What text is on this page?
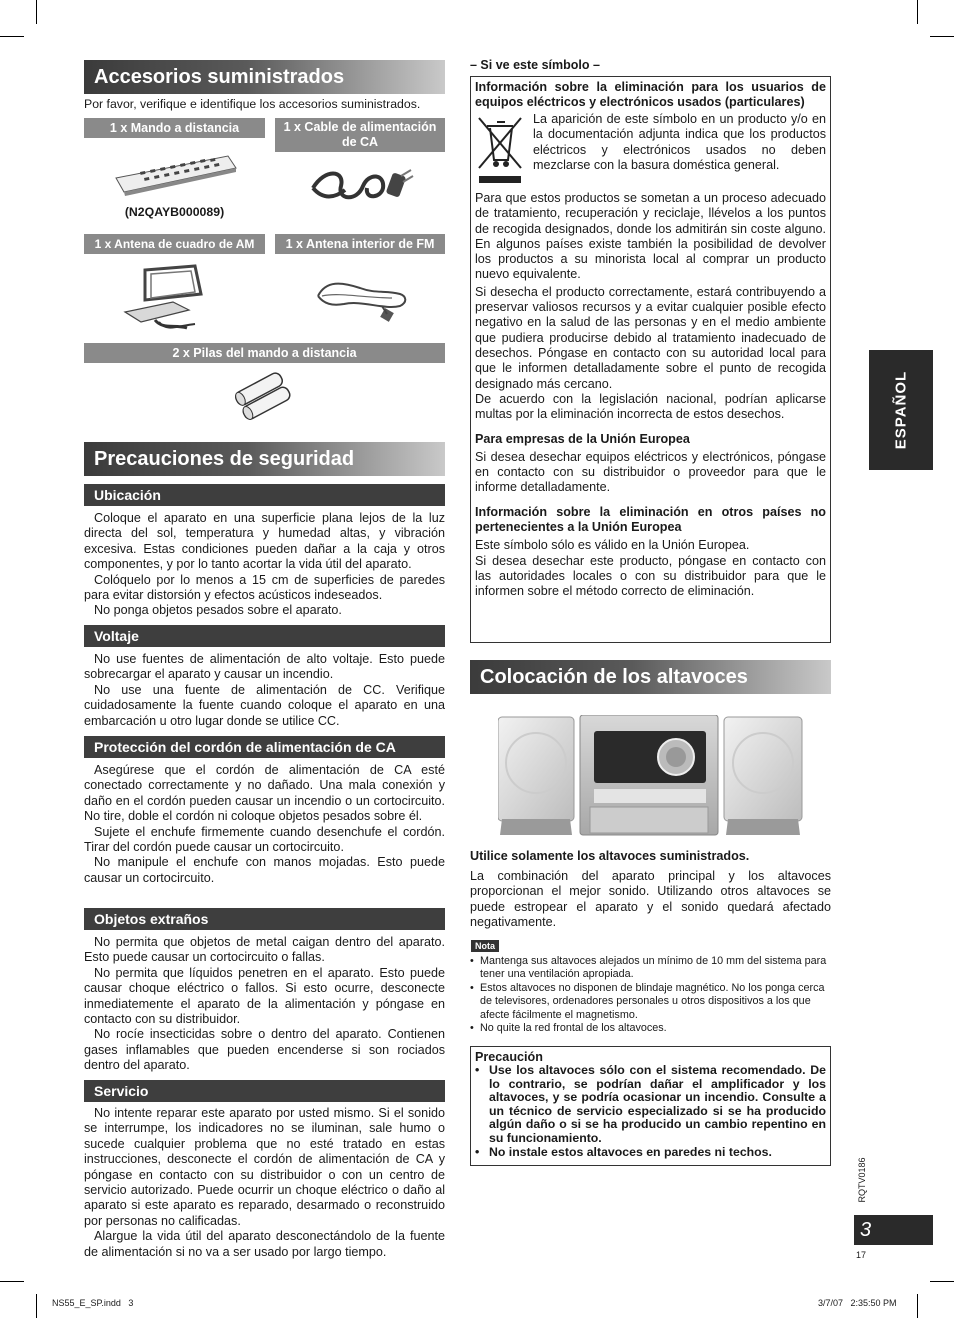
Accesorios suministrados
Por favor, verifique e identifique los accesorios suministrados.
1 x Mando a distancia	1 x Cable de alimentación de CA
(N2QAYB000089)
1 x Antena de cuadro de AM	1 x Antena interior de FM
2 x Pilas del mando a distancia
Precauciones de seguridad
Ubicación

Coloque el aparato en una superficie plana lejos de la luz directa del sol, temperatura y humedad altas, y vibración excesiva. Estas condiciones pueden dañar a la caja y otros componentes, y por lo tanto acortar la vida útil del aparato.

Colóquelo por lo menos a 15 cm de superficies de paredes para evitar distorsión y efectos acústicos indeseados.

No ponga objetos pesados sobre el aparato.

Voltaje

No use fuentes de alimentación de alto voltaje. Esto puede sobrecargar el aparato y causar un incendio.

No use una fuente de alimentación de CC. Verifique cuidadosamente la fuente cuando coloque el aparato en una embarcación u otro lugar donde se utilice CC.

Protección del cordón de alimentación de CA

Asegúrese que el cordón de alimentación de CA esté conectado correctamente y no dañado. Una mala conexión y daño en el cordón pueden causar un incendio o un cortocircuito. No tire, doble el cordón ni coloque objetos pesados sobre él.

Sujete el enchufe firmemente cuando desenchufe el cordón. Tirar del cordón puede causar un cortocircuito.

No manipule el enchufe con manos mojadas. Esto puede causar un cortocircuito.

Objetos extraños

No permita que objetos de metal caigan dentro del aparato. Esto puede causar un cortocircuito o fallas.

No permita que líquidos penetren en el aparato. Esto puede causar choque eléctrico o fallos. Si esto ocurre, desconecte inmediatemente el aparato de la alimentación y póngase en contacto con su distribuidor.

No rocíe insecticidas sobre o dentro del aparato. Contienen gases inflamables que pueden encenderse si son rociados dentro del aparato.

Servicio

No intente reparar este aparato por usted mismo. Si el sonido se interrumpe, los indicadores no se iluminan, sale humo o sucede cualquier problema que no esté tratado en estas instrucciones, desconecte el cordón de alimentación de CA y póngase en contacto con su distribuidor o con un centro de servicio autorizado. Puede ocurrir un choque eléctrico o daño al aparato si este aparato es reparado, desarmado o reconstruido por personas no calificadas.

Alargue la vida útil del aparato desconectándolo de la fuente de alimentación si no va a ser usado por largo tiempo.

– Si ve este símbolo –
Información sobre la eliminación para los usuarios de equipos eléctricos y electrónicos usados (particulares)
La aparición de este símbolo en un producto y/o en la documentación adjunta indica que los productos eléctricos y electrónicos usados no deben mezclarse con la basura doméstica general.

Para que estos productos se sometan a un proceso adecuado de tratamiento, recuperación y reciclaje, llévelos a los puntos de recogida designados, donde los admitirán sin coste alguno. En algunos países existe también la posibilidad de devolver los productos a su minorista local al comprar un producto nuevo equivalente.

Si desecha el producto correctamente, estará contribuyendo a preservar valiosos recursos y a evitar cualquier posible efecto negativo en la salud de las personas y en el medio ambiente que pudiera producirse debido al tratamiento inadecuado de desechos. Póngase en contacto con su autoridad local para que le informen detalladamente sobre el punto de recogida designado más cercano.

De acuerdo con la legislación nacional, podrían aplicarse multas por la eliminación incorrecta de estos desechos.

Para empresas de la Unión Europea
Si desea desechar equipos eléctricos y electrónicos, póngase en contacto con su distribuidor o proveedor para que le informe detalladamente.
Información sobre la eliminación en otros países no pertenecientes a la Unión Europea

Este símbolo sólo es válido en la Unión Europea.

Si desea desechar este producto, póngase en contacto con las autoridades locales o con su distribuidor para que le informen sobre el método correcto de eliminación.

Colocación de los altavoces
Utilice solamente los altavoces suministrados.

La combinación del aparato principal y los altavoces proporcionan el mejor sonido. Utilizando otros altavoces se puede estropear el aparato y el sonido quedará afectado negativamente.

Nota
• Mantenga sus altavoces alejados un mínimo de 10 mm del sistema para tener una ventilación apropiada.
• Estos altavoces no disponen de blindaje magnético. No los ponga cerca de televisores, ordenadores personales u otros dispositivos a los que afecte fácilmente el magnetismo.
• No quite la red frontal de los altavoces.
Precaución
• Use los altavoces sólo con el sistema recomendado. De lo contrario, se podrían dañar el amplificador y los altavoces, y se podría ocasionar un incendio. Consulte a un técnico de servicio especializado si se ha producido algún daño o si se ha producido un cambio repentino en su funcionamiento.
• No instale estos altavoces en paredes ni techos.
ESPAÑOL
RQTV0186
3
17
NS55_E_SP.indd   3	3/7/07   2:35:50 PM
